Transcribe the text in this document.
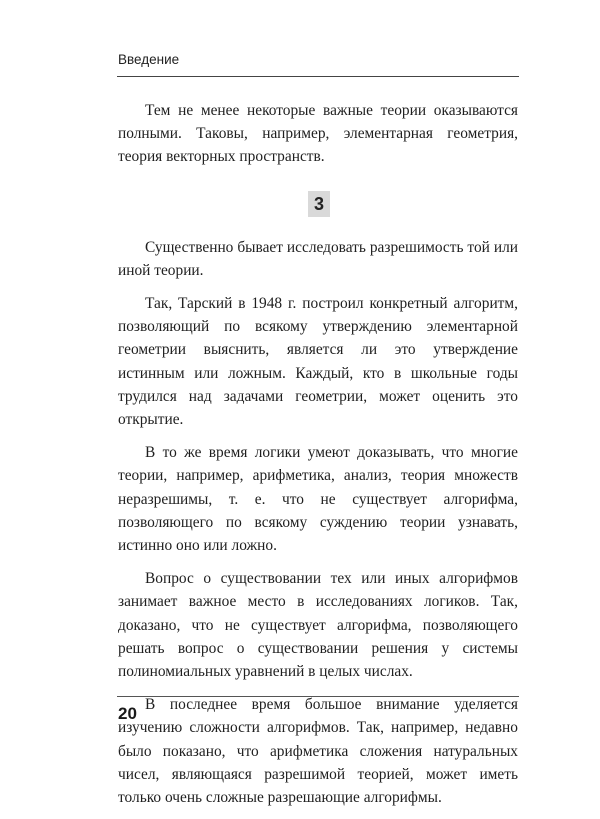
Введение

Тем не менее некоторые важные теории оказываются полными. Таковы, например, элементарная геометрия, теория векторных пространств.

3

Существенно бывает исследовать разрешимость той или иной теории.

Так, Тарский в 1948 г. построил конкретный алгоритм, позволяющий по всякому утверждению элементарной геометрии выяснить, является ли это утверждение истинным или ложным. Каждый, кто в школьные годы трудился над задачами геометрии, может оценить это открытие.

В то же время логики умеют доказывать, что многие теории, например, арифметика, анализ, теория множеств неразрешимы, т. е. что не существует алгорифма, позволяющего по всякому суждению теории узнавать, истинно оно или ложно.

Вопрос о существовании тех или иных алгорифмов занимает важное место в исследованиях логиков. Так, доказано, что не существует алгорифма, позволяющего решать вопрос о существовании решения у системы полиномиальных уравнений в целых числах.

В последнее время большое внимание уделяется изучению сложности алгорифмов. Так, например, недавно было показано, что арифметика сложения натуральных чисел, являющаяся разрешимой теорией, может иметь только очень сложные разрешающие алгорифмы.

20
